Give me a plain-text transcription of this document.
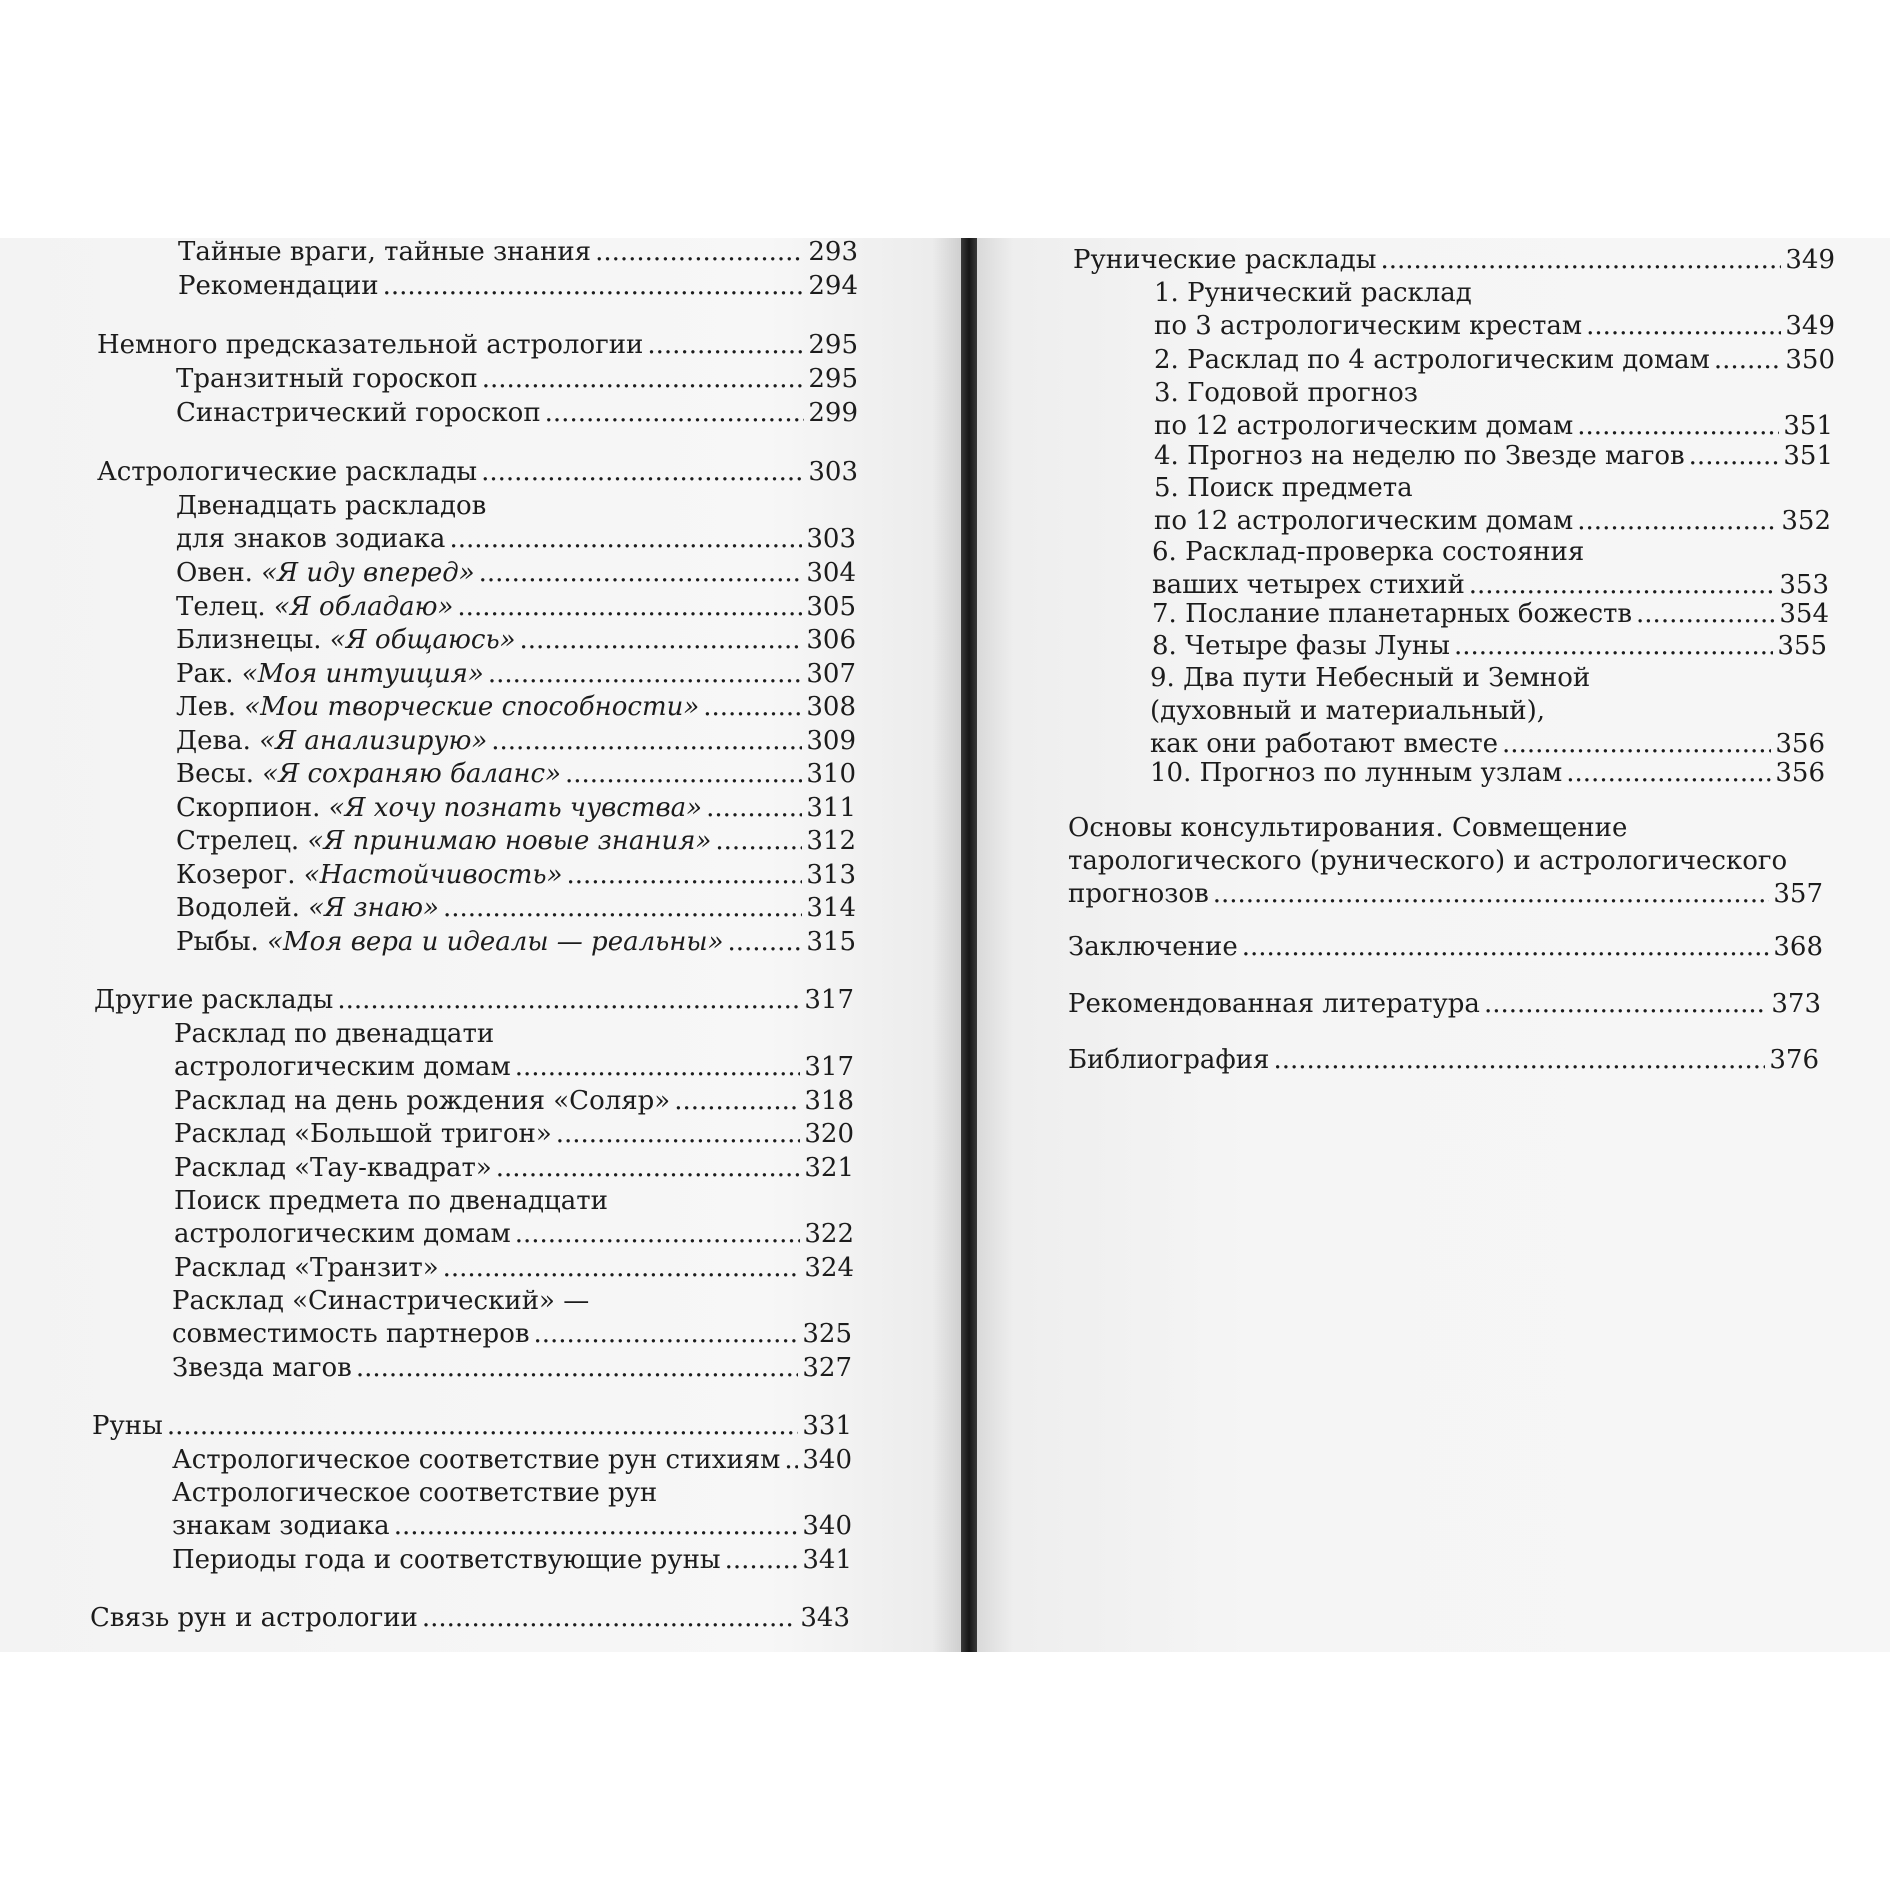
Тайные враги, тайные знания .....	293
Рекомендации .....	294
Немного предсказательной астрологии .....	295
Транзитный гороскоп .....	295
Синастрический гороскоп .....	299
Астрологические расклады .....	303
Двенадцать раскладов
для знаков зодиака .....	303
Овен. «Я иду вперед» .....	304
Телец. «Я обладаю» .....	305
Близнецы. «Я общаюсь» .....	306
Рак. «Моя интуиция» .....	307
Лев. «Мои творческие способности» .....	308
Дева. «Я анализирую» .....	309
Весы. «Я сохраняю баланс» .....	310
Скорпион. «Я хочу познать чувства» .....	311
Стрелец. «Я принимаю новые знания» .....	312
Козерог. «Настойчивость» .....	313
Водолей. «Я знаю» .....	314
Рыбы. «Моя вера и идеалы — реальны» .....	315
Другие расклады .....	317
Расклад по двенадцати
астрологическим домам .....	317
Расклад на день рождения «Соляр» .....	318
Расклад «Большой тригон» .....	320
Расклад «Тау-квадрат» .....	321
Поиск предмета по двенадцати
астрологическим домам .....	322
Расклад «Транзит» .....	324
Расклад «Синастрический» —
совместимость партнеров .....	325
Звезда магов .....	327
Руны .....	331
Астрологическое соответствие рун стихиям ..... 340
Астрологическое соответствие рун
знакам зодиака .....	340
Периоды года и соответствующие руны .....	341
Связь рун и астрологии .....	343
Рунические расклады .....	349
1. Рунический расклад
по 3 астрологическим крестам .....	349
2. Расклад по 4 астрологическим домам .....	350
3. Годовой прогноз
по 12 астрологическим домам .....	351
4. Прогноз на неделю по Звезде магов .....	351
5. Поиск предмета
по 12 астрологическим домам .....	352
6. Расклад-проверка состояния
ваших четырех стихий .....	353
7. Послание планетарных божеств .....	354
8. Четыре фазы Луны .....	355
9. Два пути Небесный и Земной
(духовный и материальный),
как они работают вместе .....	356
10. Прогноз по лунным узлам .....	356
Основы консультирования. Совмещение
тарологического (рунического) и астрологического
прогнозов .....	357
Заключение .....	368
Рекомендованная литература .....	373
Библиография .....	376
